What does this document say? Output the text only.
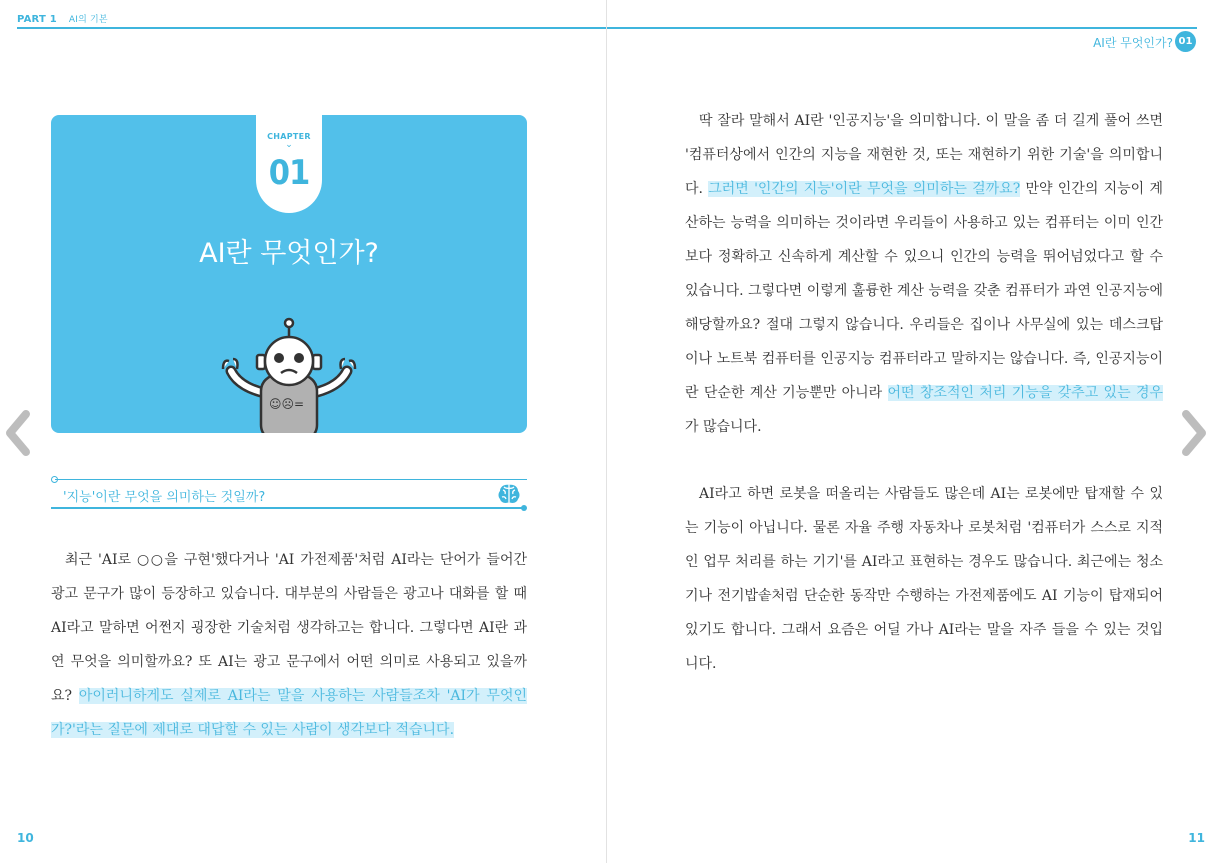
PART 1 AI의 기본
CHAPTER
⌄
01
AI란 무엇인가?
☺☹=
'지능'이란 무엇을 의미하는 것일까?

최근 'AI로 ○○을 구현'했다거나 'AI 가전제품'처럼 AI라는 단어가 들어간 광고 문구가 많이 등장하고 있습니다. 대부분의 사람들은 광고나 대화를 할 때 AI라고 말하면 어쩐지 굉장한 기술처럼 생각하고는 합니다. 그렇다면 AI란 과연 무엇을 의미할까요? 또 AI는 광고 문구에서 어떤 의미로 사용되고 있을까요? 아이러니하게도 실제로 AI라는 말을 사용하는 사람들조차 'AI가 무엇인가?'라는 질문에 제대로 대답할 수 있는 사람이 생각보다 적습니다.

10
AI란 무엇인가? 01
11

딱 잘라 말해서 AI란 '인공지능'을 의미합니다. 이 말을 좀 더 길게 풀어 쓰면 '컴퓨터상에서 인간의 지능을 재현한 것, 또는 재현하기 위한 기술'을 의미합니다. 그러면 '인간의 지능'이란 무엇을 의미하는 걸까요? 만약 인간의 지능이 계산하는 능력을 의미하는 것이라면 우리들이 사용하고 있는 컴퓨터는 이미 인간보다 정확하고 신속하게 계산할 수 있으니 인간의 능력을 뛰어넘었다고 할 수 있습니다. 그렇다면 이렇게 훌륭한 계산 능력을 갖춘 컴퓨터가 과연 인공지능에 해당할까요? 절대 그렇지 않습니다. 우리들은 집이나 사무실에 있는 데스크탑이나 노트북 컴퓨터를 인공지능 컴퓨터라고 말하지는 않습니다. 즉, 인공지능이란 단순한 계산 기능뿐만 아니라 어떤 창조적인 처리 기능을 갖추고 있는 경우가 많습니다.

AI라고 하면 로봇을 떠올리는 사람들도 많은데 AI는 로봇에만 탑재할 수 있는 기능이 아닙니다. 물론 자율 주행 자동차나 로봇처럼 '컴퓨터가 스스로 지적인 업무 처리를 하는 기기'를 AI라고 표현하는 경우도 많습니다. 최근에는 청소기나 전기밥솥처럼 단순한 동작만 수행하는 가전제품에도 AI 기능이 탑재되어 있기도 합니다. 그래서 요즘은 어딜 가나 AI라는 말을 자주 들을 수 있는 것입니다.
